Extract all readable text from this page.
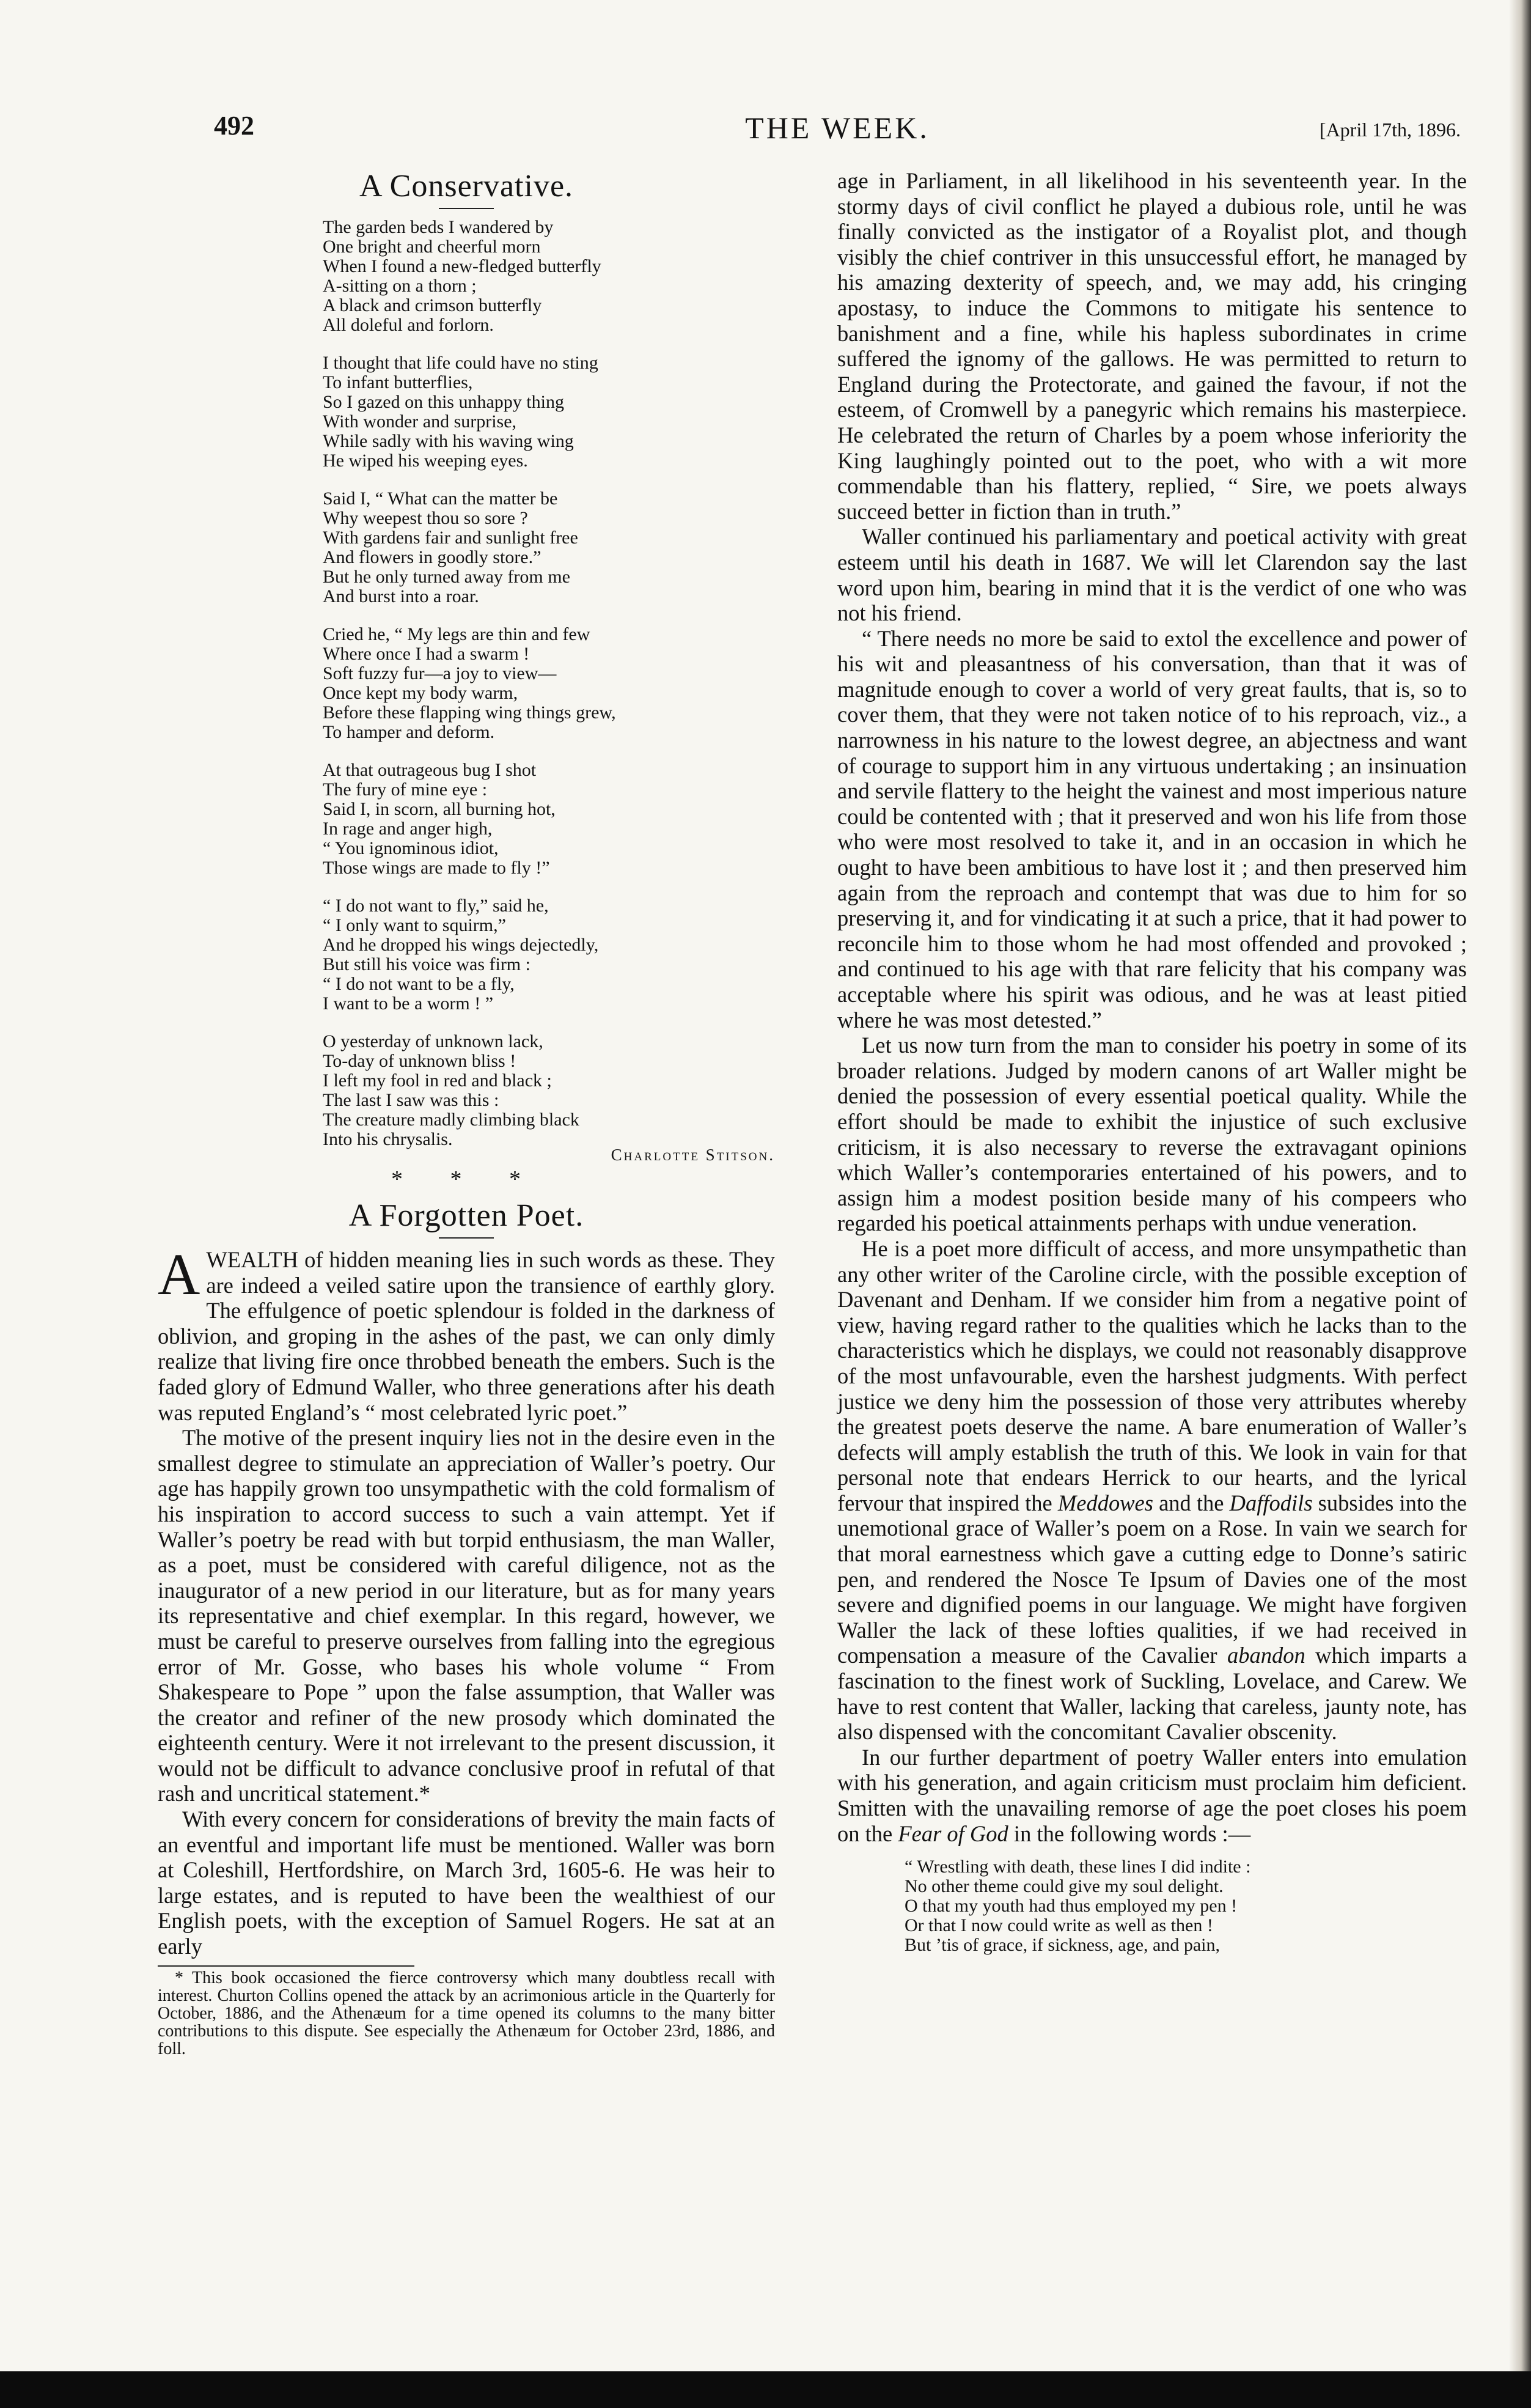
492	THE WEEK.	[April 17th, 1896.
A Conservative.
The garden beds I wandered by
One bright and cheerful morn
When I found a new-fledged butterfly
A-sitting on a thorn ;
A black and crimson butterfly
All doleful and forlorn.
I thought that life could have no sting
To infant butterflies,
So I gazed on this unhappy thing
With wonder and surprise,
While sadly with his waving wing
He wiped his weeping eyes.
Said I, “ What can the matter be
Why weepest thou so sore ?
With gardens fair and sunlight free
And flowers in goodly store.”
But he only turned away from me
And burst into a roar.
Cried he, “ My legs are thin and few
Where once I had a swarm !
Soft fuzzy fur—a joy to view—
Once kept my body warm,
Before these flapping wing things grew,
To hamper and deform.
At that outrageous bug I shot
The fury of mine eye :
Said I, in scorn, all burning hot,
In rage and anger high,
“ You ignominous idiot,
Those wings are made to fly !”
“ I do not want to fly,” said he,
“ I only want to squirm,”
And he dropped his wings dejectedly,
But still his voice was firm :
“ I do not want to be a fly,
I want to be a worm ! ”
O yesterday of unknown lack,
To-day of unknown bliss !
I left my fool in red and black ;
The last I saw was this :
The creature madly climbing black
Into his chrysalis.
Charlotte Stitson.
* * *
A Forgotten Poet.

AWEALTH of hidden meaning lies in such words as these. They are indeed a veiled satire upon the transience of earthly glory. The effulgence of poetic splendour is folded in the darkness of oblivion, and groping in the ashes of the past, we can only dimly realize that living fire once throbbed beneath the embers. Such is the faded glory of Edmund Waller, who three generations after his death was reputed England’s “ most celebrated lyric poet.”

The motive of the present inquiry lies not in the desire even in the smallest degree to stimulate an appreciation of Waller’s poetry. Our age has happily grown too unsympathetic with the cold formalism of his inspiration to accord success to such a vain attempt. Yet if Waller’s poetry be read with but torpid enthusiasm, the man Waller, as a poet, must be considered with careful diligence, not as the inaugurator of a new period in our literature, but as for many years its representative and chief exemplar. In this regard, however, we must be careful to preserve ourselves from falling into the egregious error of Mr. Gosse, who bases his whole volume “ From Shakespeare to Pope ” upon the false assumption, that Waller was the creator and refiner of the new prosody which dominated the eighteenth century. Were it not irrelevant to the present discussion, it would not be difficult to advance conclusive proof in refutal of that rash and uncritical statement.*

With every concern for considerations of brevity the main facts of an eventful and important life must be mentioned. Waller was born at Coleshill, Hertfordshire, on March 3rd, 1605-6. He was heir to large estates, and is reputed to have been the wealthiest of our English poets, with the exception of Samuel Rogers. He sat at an early

* This book occasioned the fierce controversy which many doubtless recall with interest. Churton Collins opened the attack by an acrimonious article in the Quarterly for October, 1886, and the Athenæum for a time opened its columns to the many bitter contributions to this dispute. See especially the Athenæum for October 23rd, 1886, and foll.

age in Parliament, in all likelihood in his seventeenth year. In the stormy days of civil conflict he played a dubious role, until he was finally convicted as the instigator of a Royalist plot, and though visibly the chief contriver in this unsuccessful effort, he managed by his amazing dexterity of speech, and, we may add, his cringing apostasy, to induce the Commons to mitigate his sentence to banishment and a fine, while his hapless subordinates in crime suffered the ignomy of the gallows. He was permitted to return to England during the Protectorate, and gained the favour, if not the esteem, of Cromwell by a panegyric which remains his masterpiece. He celebrated the return of Charles by a poem whose inferiority the King laughingly pointed out to the poet, who with a wit more commendable than his flattery, replied, “ Sire, we poets always succeed better in fiction than in truth.”

Waller continued his parliamentary and poetical activity with great esteem until his death in 1687. We will let Clarendon say the last word upon him, bearing in mind that it is the verdict of one who was not his friend.

“ There needs no more be said to extol the excellence and power of his wit and pleasantness of his conversation, than that it was of magnitude enough to cover a world of very great faults, that is, so to cover them, that they were not taken notice of to his reproach, viz., a narrowness in his nature to the lowest degree, an abjectness and want of courage to support him in any virtuous undertaking ; an insinuation and servile flattery to the height the vainest and most imperious nature could be contented with ; that it preserved and won his life from those who were most resolved to take it, and in an occasion in which he ought to have been ambitious to have lost it ; and then preserved him again from the reproach and contempt that was due to him for so preserving it, and for vindicating it at such a price, that it had power to reconcile him to those whom he had most offended and provoked ; and continued to his age with that rare felicity that his company was acceptable where his spirit was odious, and he was at least pitied where he was most detested.”

Let us now turn from the man to consider his poetry in some of its broader relations. Judged by modern canons of art Waller might be denied the possession of every essential poetical quality. While the effort should be made to exhibit the injustice of such exclusive criticism, it is also necessary to reverse the extravagant opinions which Waller’s contemporaries entertained of his powers, and to assign him a modest position beside many of his compeers who regarded his poetical attainments perhaps with undue veneration.

He is a poet more difficult of access, and more unsympathetic than any other writer of the Caroline circle, with the possible exception of Davenant and Denham. If we consider him from a negative point of view, having regard rather to the qualities which he lacks than to the characteristics which he displays, we could not reasonably disapprove of the most unfavourable, even the harshest judgments. With perfect justice we deny him the possession of those very attributes whereby the greatest poets deserve the name. A bare enumeration of Waller’s defects will amply establish the truth of this. We look in vain for that personal note that endears Herrick to our hearts, and the lyrical fervour that inspired the Meddowes and the Daffodils subsides into the unemotional grace of Waller’s poem on a Rose. In vain we search for that moral earnestness which gave a cutting edge to Donne’s satiric pen, and rendered the Nosce Te Ipsum of Davies one of the most severe and dignified poems in our language. We might have forgiven Waller the lack of these lofties qualities, if we had received in compensation a measure of the Cavalier abandon which imparts a fascination to the finest work of Suckling, Lovelace, and Carew. We have to rest content that Waller, lacking that careless, jaunty note, has also dispensed with the concomitant Cavalier obscenity.

In our further department of poetry Waller enters into emulation with his generation, and again criticism must proclaim him deficient. Smitten with the unavailing remorse of age the poet closes his poem on the Fear of God in the following words :—

“ Wrestling with death, these lines I did indite :
No other theme could give my soul delight.
O that my youth had thus employed my pen !
Or that I now could write as well as then !
But ’tis of grace, if sickness, age, and pain,
